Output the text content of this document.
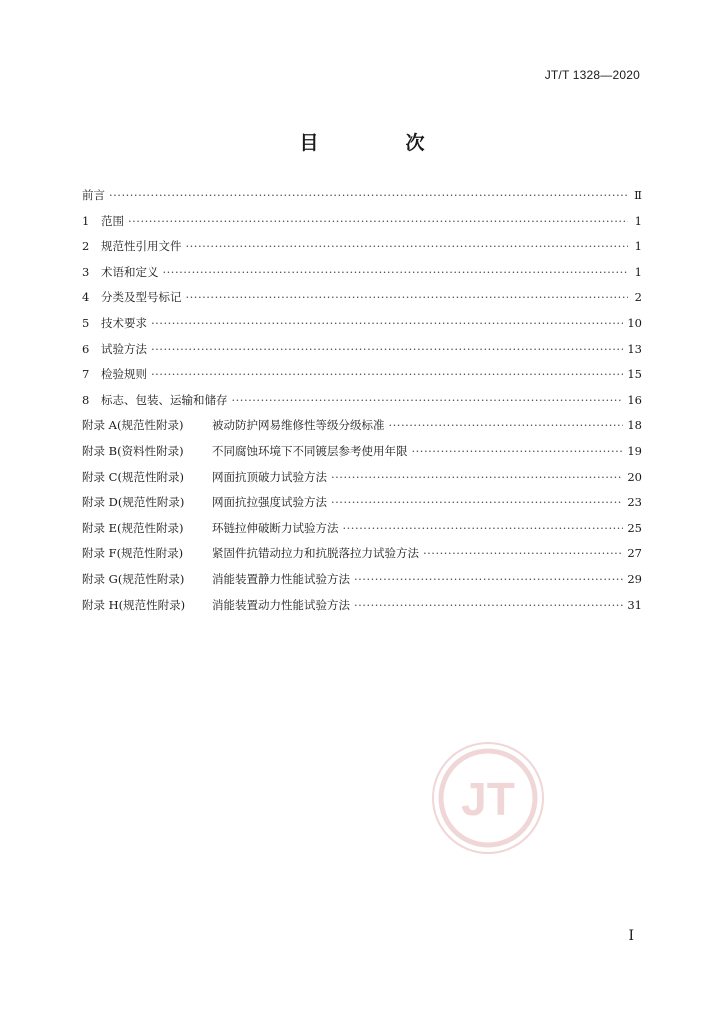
JT/T 1328—2020
目　次
前言 ·····	Ⅱ
1	范围 ·····	1
2	规范性引用文件 ·····	1
3	术语和定义 ·····	1
4	分类及型号标记 ·····	2
5	技术要求 ·····	10
6	试验方法 ·····	13
7	检验规则 ·····	15
8	标志、包装、运输和储存 ·····	16
附录 A(规范性附录)	被动防护网易维修性等级分级标准 ·····	18
附录 B(资料性附录)	不同腐蚀环境下不同镀层参考使用年限 ·····	19
附录 C(规范性附录)	网面抗顶破力试验方法 ·····	20
附录 D(规范性附录)	网面抗拉强度试验方法 ·····	23
附录 E(规范性附录)	环链拉伸破断力试验方法 ·····	25
附录 F(规范性附录)	紧固件抗错动拉力和抗脱落拉力试验方法 ·····	27
附录 G(规范性附录)	消能装置静力性能试验方法 ·····	29
附录 H(规范性附录)	消能装置动力性能试验方法 ·····	31
JT
I
